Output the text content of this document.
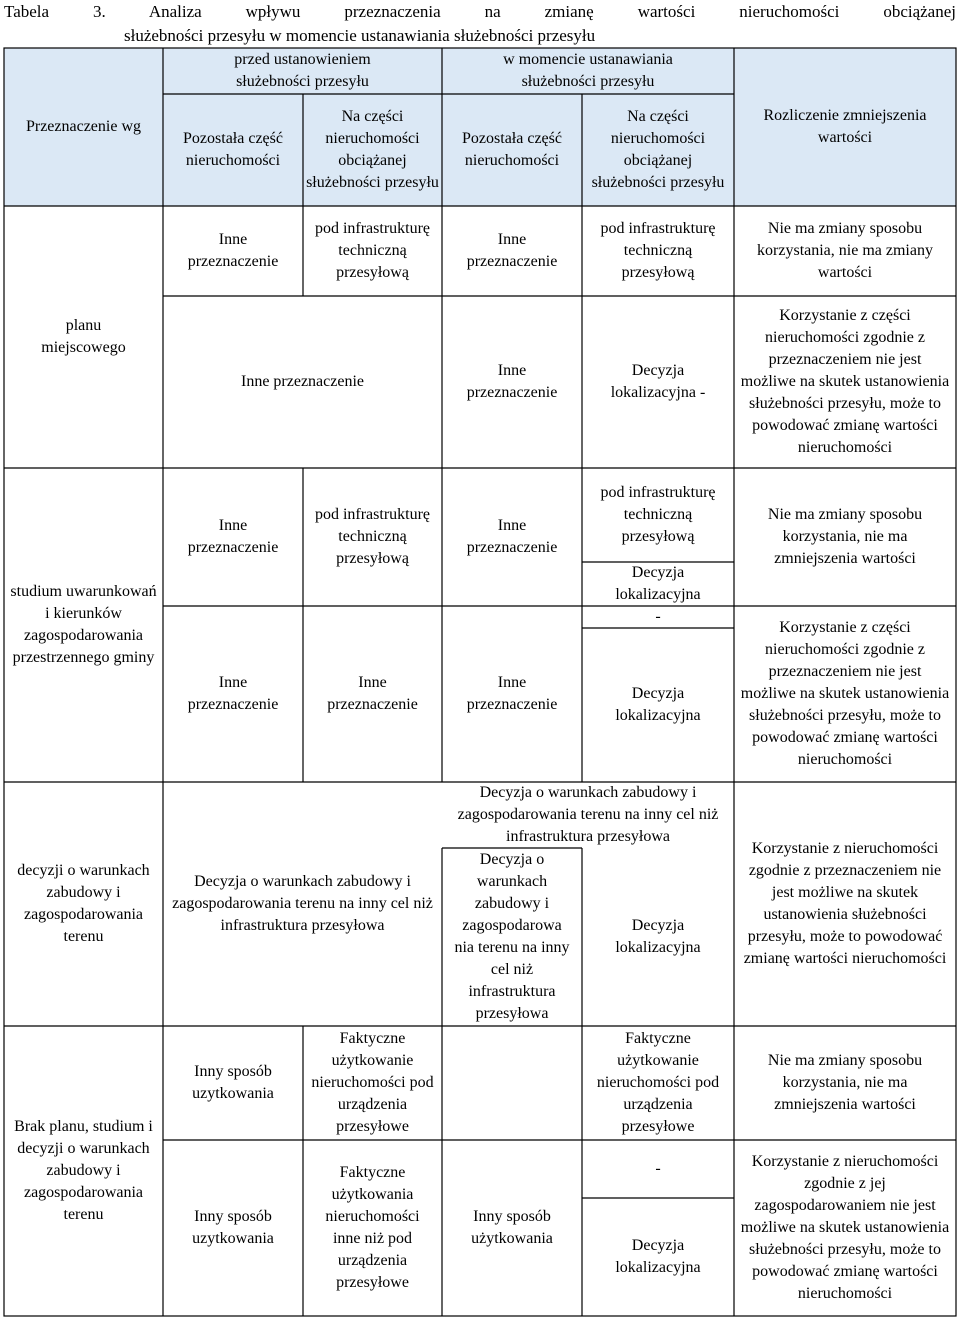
Tabela 3. Analiza wpływu przeznaczenia na zmianę wartości nieruchomości obciążanej
służebności przesyłu w momencie ustanawiania służebności przesyłu
Przeznaczenie wg
przed ustanowieniem służebności przesyłu
w momencie ustanawiania służebności przesyłu
Pozostała część nieruchomości
Na części nieruchomości obciążanej służebności przesyłu
Pozostała część nieruchomości
Na części nieruchomości obciążanej służebności przesyłu
Rozliczenie zmniejszenia wartości
planu miejscowego
Inne przeznaczenie
pod infrastrukturę techniczną przesyłową
Inne przeznaczenie
pod infrastrukturę techniczną przesyłową
Nie ma zmiany sposobu korzystania, nie ma zmiany wartości
Inne przeznaczenie
Inne przeznaczenie
Decyzja lokalizacyjna -
Korzystanie z części nieruchomości zgodnie z przeznaczeniem nie jest możliwe na skutek ustanowienia służebności przesyłu, może to powodować zmianę wartości nieruchomości
studium uwarunkowań i kierunków zagospodarowania przestrzennego gminy
Inne przeznaczenie
pod infrastrukturę techniczną przesyłową
Inne przeznaczenie
pod infrastrukturę techniczną przesyłową
Decyzja lokalizacyjna
Nie ma zmiany sposobu korzystania, nie ma zmniejszenia wartości
Inne przeznaczenie
Inne przeznaczenie
Inne przeznaczenie
-
Decyzja lokalizacyjna
Korzystanie z części nieruchomości zgodnie z przeznaczeniem nie jest możliwe na skutek ustanowienia służebności przesyłu, może to powodować zmianę wartości nieruchomości
decyzji o warunkach zabudowy i zagospodarowania terenu
Decyzja o warunkach zabudowy i zagospodarowania terenu na inny cel niż infrastruktura przesyłowa
Decyzja o warunkach zabudowy i zagospodarowania terenu na inny cel niż infrastruktura przesyłowa
Decyzja o warunkach zabudowy i zagospodarowa nia terenu na inny cel niż infrastruktura przesyłowa
Decyzja lokalizacyjna
Korzystanie z nieruchomości zgodnie z przeznaczeniem nie jest możliwe na skutek ustanowienia służebności przesyłu, może to powodować zmianę wartości nieruchomości
Brak planu, studium i decyzji o warunkach zabudowy i zagospodarowania terenu
Inny sposób uzytkowania
Faktyczne użytkowanie nieruchomości pod urządzenia przesyłowe
Faktyczne użytkowanie nieruchomości pod urządzenia przesyłowe
Nie ma zmiany sposobu korzystania, nie ma zmniejszenia wartości
Inny sposób uzytkowania
Faktyczne użytkowania nieruchomości inne niż pod urządzenia przesyłowe
Inny sposób użytkowania
-
Decyzja lokalizacyjna
Korzystanie z nieruchomości zgodnie z jej zagospodarowaniem nie jest możliwe na skutek ustanowienia służebności przesyłu, może to powodować zmianę wartości nieruchomości
